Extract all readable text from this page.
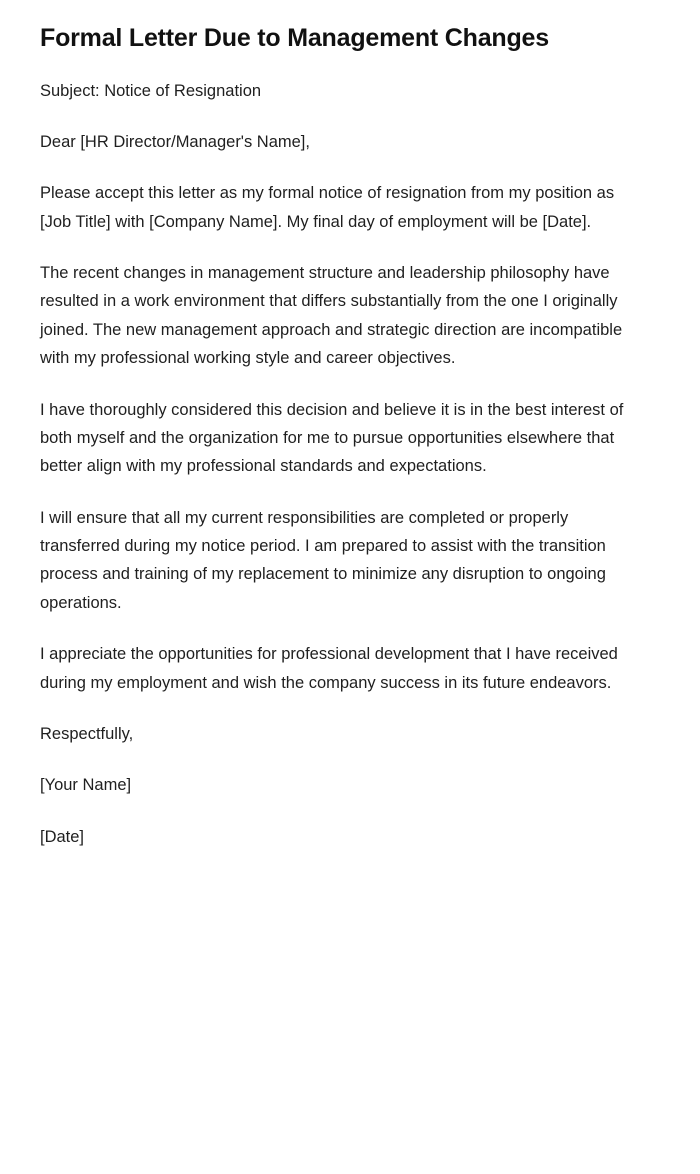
Formal Letter Due to Management Changes

Subject: Notice of Resignation

Dear [HR Director/Manager's Name],

Please accept this letter as my formal notice of resignation from my position as [Job Title] with [Company Name]. My final day of employment will be [Date].

The recent changes in management structure and leadership philosophy have resulted in a work environment that differs substantially from the one I originally joined. The new management approach and strategic direction are incompatible with my professional working style and career objectives.

I have thoroughly considered this decision and believe it is in the best interest of both myself and the organization for me to pursue opportunities elsewhere that better align with my professional standards and expectations.

I will ensure that all my current responsibilities are completed or properly transferred during my notice period. I am prepared to assist with the transition process and training of my replacement to minimize any disruption to ongoing operations.

I appreciate the opportunities for professional development that I have received during my employment and wish the company success in its future endeavors.

Respectfully,

[Your Name]

[Date]
